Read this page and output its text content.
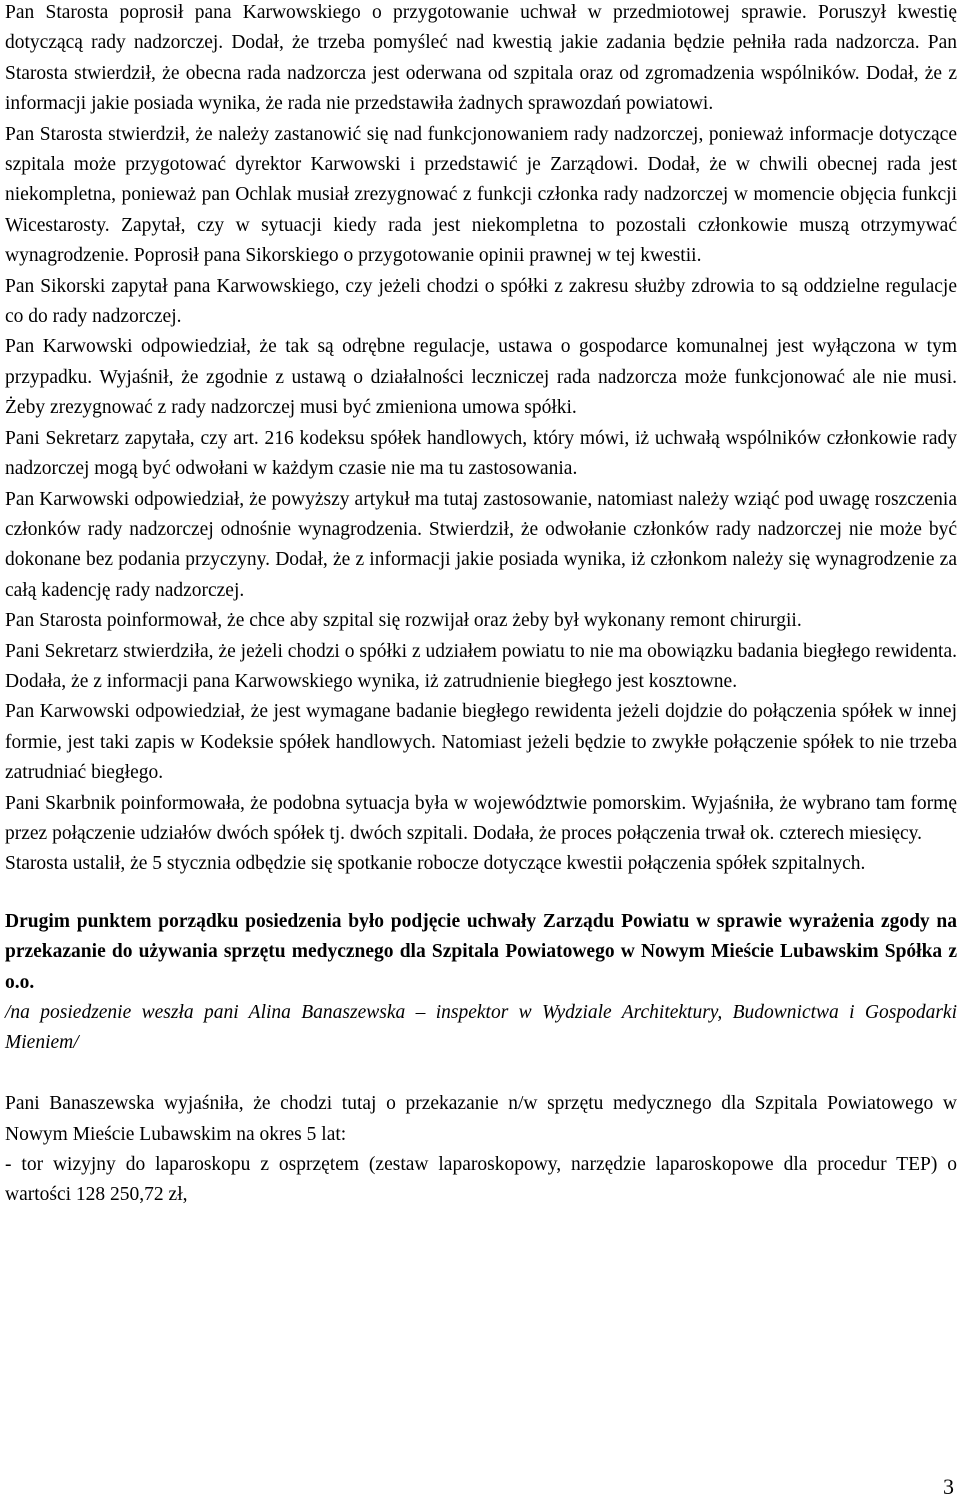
Pan Starosta poprosił pana Karwowskiego o przygotowanie uchwał w przedmiotowej sprawie. Poruszył kwestię dotyczącą rady nadzorczej. Dodał, że trzeba pomyśleć nad kwestią jakie zadania będzie pełniła rada nadzorcza. Pan Starosta stwierdził, że obecna rada nadzorcza jest oderwana od szpitala oraz od zgromadzenia wspólników. Dodał, że z informacji jakie posiada wynika, że rada nie przedstawiła żadnych sprawozdań powiatowi.

Pan Starosta stwierdził, że należy zastanowić się nad funkcjonowaniem rady nadzorczej, ponieważ informacje dotyczące szpitala może przygotować dyrektor Karwowski i przedstawić je Zarządowi. Dodał, że w chwili obecnej rada jest niekompletna, ponieważ pan Ochlak musiał zrezygnować z funkcji członka rady nadzorczej w momencie objęcia funkcji Wicestarosty. Zapytał, czy w sytuacji kiedy rada jest niekompletna to pozostali członkowie muszą otrzymywać wynagrodzenie. Poprosił pana Sikorskiego o przygotowanie opinii prawnej w tej kwestii.

Pan Sikorski zapytał pana Karwowskiego, czy jeżeli chodzi o spółki z zakresu służby zdrowia to są oddzielne regulacje co do rady nadzorczej.

Pan Karwowski odpowiedział, że tak są odrębne regulacje, ustawa o gospodarce komunalnej jest wyłączona w tym przypadku. Wyjaśnił, że zgodnie z ustawą o działalności leczniczej rada nadzorcza może funkcjonować ale nie musi. Żeby zrezygnować z rady nadzorczej musi być zmieniona umowa spółki.

Pani Sekretarz zapytała, czy art. 216 kodeksu spółek handlowych, który mówi, iż uchwałą wspólników członkowie rady nadzorczej mogą być odwołani w każdym czasie nie ma tu zastosowania.

Pan Karwowski odpowiedział, że powyższy artykuł ma tutaj zastosowanie, natomiast należy wziąć pod uwagę roszczenia członków rady nadzorczej odnośnie wynagrodzenia. Stwierdził, że odwołanie członków rady nadzorczej nie może być dokonane bez podania przyczyny. Dodał, że z informacji jakie posiada wynika, iż członkom należy się wynagrodzenie za całą kadencję rady nadzorczej.

Pan Starosta poinformował, że chce aby szpital się rozwijał oraz żeby był wykonany remont chirurgii.

Pani Sekretarz stwierdziła, że jeżeli chodzi o spółki z udziałem powiatu to nie ma obowiązku badania biegłego rewidenta. Dodała, że z informacji pana Karwowskiego wynika, iż zatrudnienie biegłego jest kosztowne.

Pan Karwowski odpowiedział, że jest wymagane badanie biegłego rewidenta jeżeli dojdzie do połączenia spółek w innej formie, jest taki zapis w Kodeksie spółek handlowych. Natomiast jeżeli będzie to zwykłe połączenie spółek to nie trzeba zatrudniać biegłego.

Pani Skarbnik poinformowała, że podobna sytuacja była w województwie pomorskim. Wyjaśniła, że wybrano tam formę przez połączenie udziałów dwóch spółek tj. dwóch szpitali. Dodała, że proces połączenia trwał ok. czterech miesięcy.

Starosta ustalił, że 5 stycznia odbędzie się spotkanie robocze dotyczące kwestii połączenia spółek szpitalnych.

Drugim punktem porządku posiedzenia było podjęcie uchwały Zarządu Powiatu w sprawie wyrażenia zgody na przekazanie do używania sprzętu medycznego dla Szpitala Powiatowego w Nowym Mieście Lubawskim Spółka z o.o.

/na posiedzenie weszła pani Alina Banaszewska – inspektor w Wydziale Architektury, Budownictwa i Gospodarki Mieniem/

Pani Banaszewska wyjaśniła, że chodzi tutaj o przekazanie n/w sprzętu medycznego dla Szpitala Powiatowego w Nowym Mieście Lubawskim na okres 5 lat:

- tor wizyjny do laparoskopu z osprzętem (zestaw laparoskopowy, narzędzie laparoskopowe dla procedur TEP) o wartości 128 250,72 zł,

3
